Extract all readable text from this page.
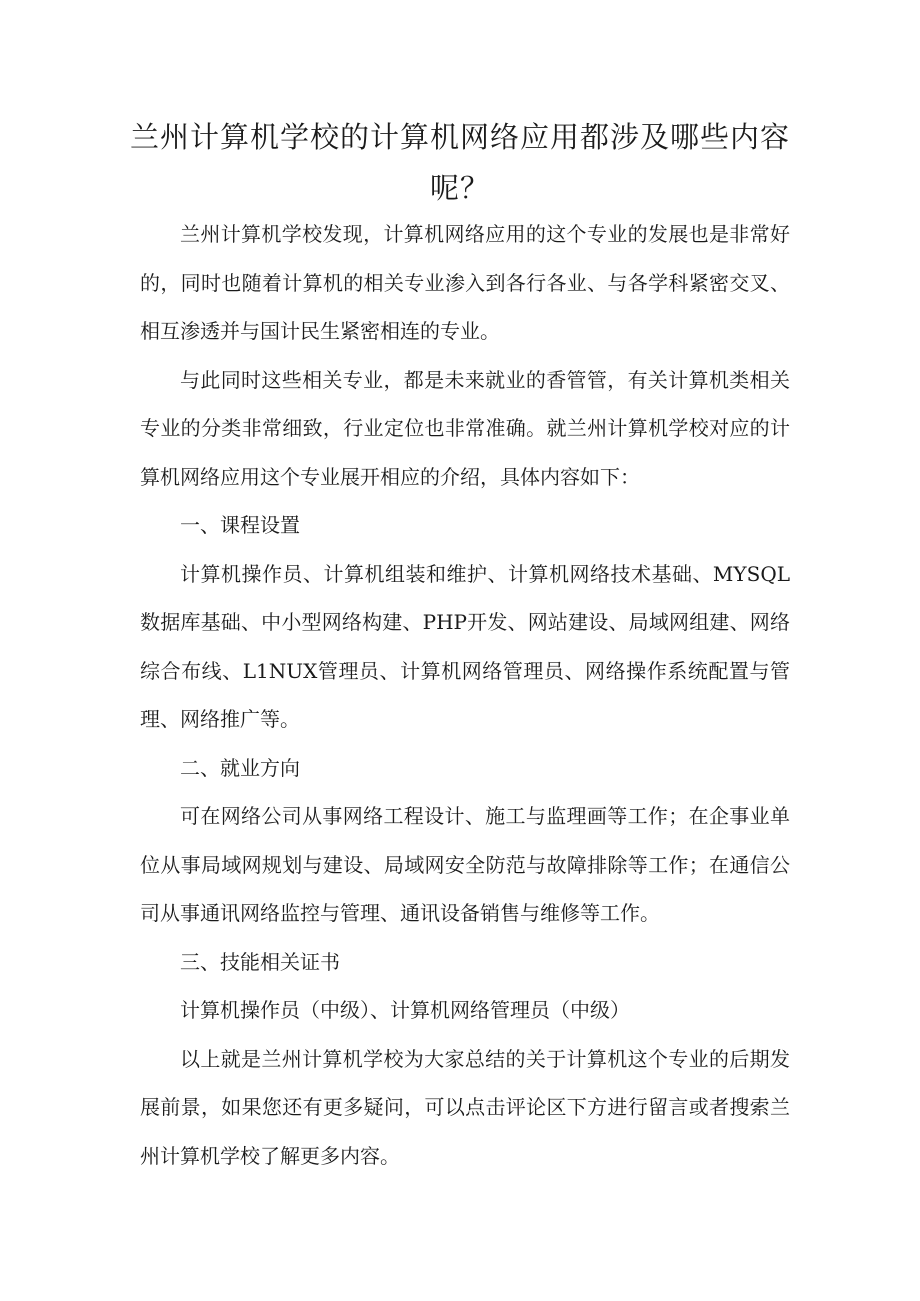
兰州计算机学校的计算机网络应用都涉及哪些内容呢？

兰州计算机学校发现，计算机网络应用的这个专业的发展也是非常好的，同时也随着计算机的相关专业渗入到各行各业、与各学科紧密交叉、相互渗透并与国计民生紧密相连的专业。

与此同时这些相关专业，都是未来就业的香管管，有关计算机类相关专业的分类非常细致，行业定位也非常准确。就兰州计算机学校对应的计算机网络应用这个专业展开相应的介绍，具体内容如下：

一、课程设置

计算机操作员、计算机组装和维护、计算机网络技术基础、MYSQL数据库基础、中小型网络构建、PHP开发、网站建设、局域网组建、网络综合布线、L1NUX管理员、计算机网络管理员、网络操作系统配置与管理、网络推广等。

二、就业方向

可在网络公司从事网络工程设计、施工与监理画等工作；在企事业单位从事局域网规划与建设、局域网安全防范与故障排除等工作；在通信公司从事通讯网络监控与管理、通讯设备销售与维修等工作。

三、技能相关证书

计算机操作员（中级）、计算机网络管理员（中级）

以上就是兰州计算机学校为大家总结的关于计算机这个专业的后期发展前景，如果您还有更多疑问，可以点击评论区下方进行留言或者搜索兰州计算机学校了解更多内容。
